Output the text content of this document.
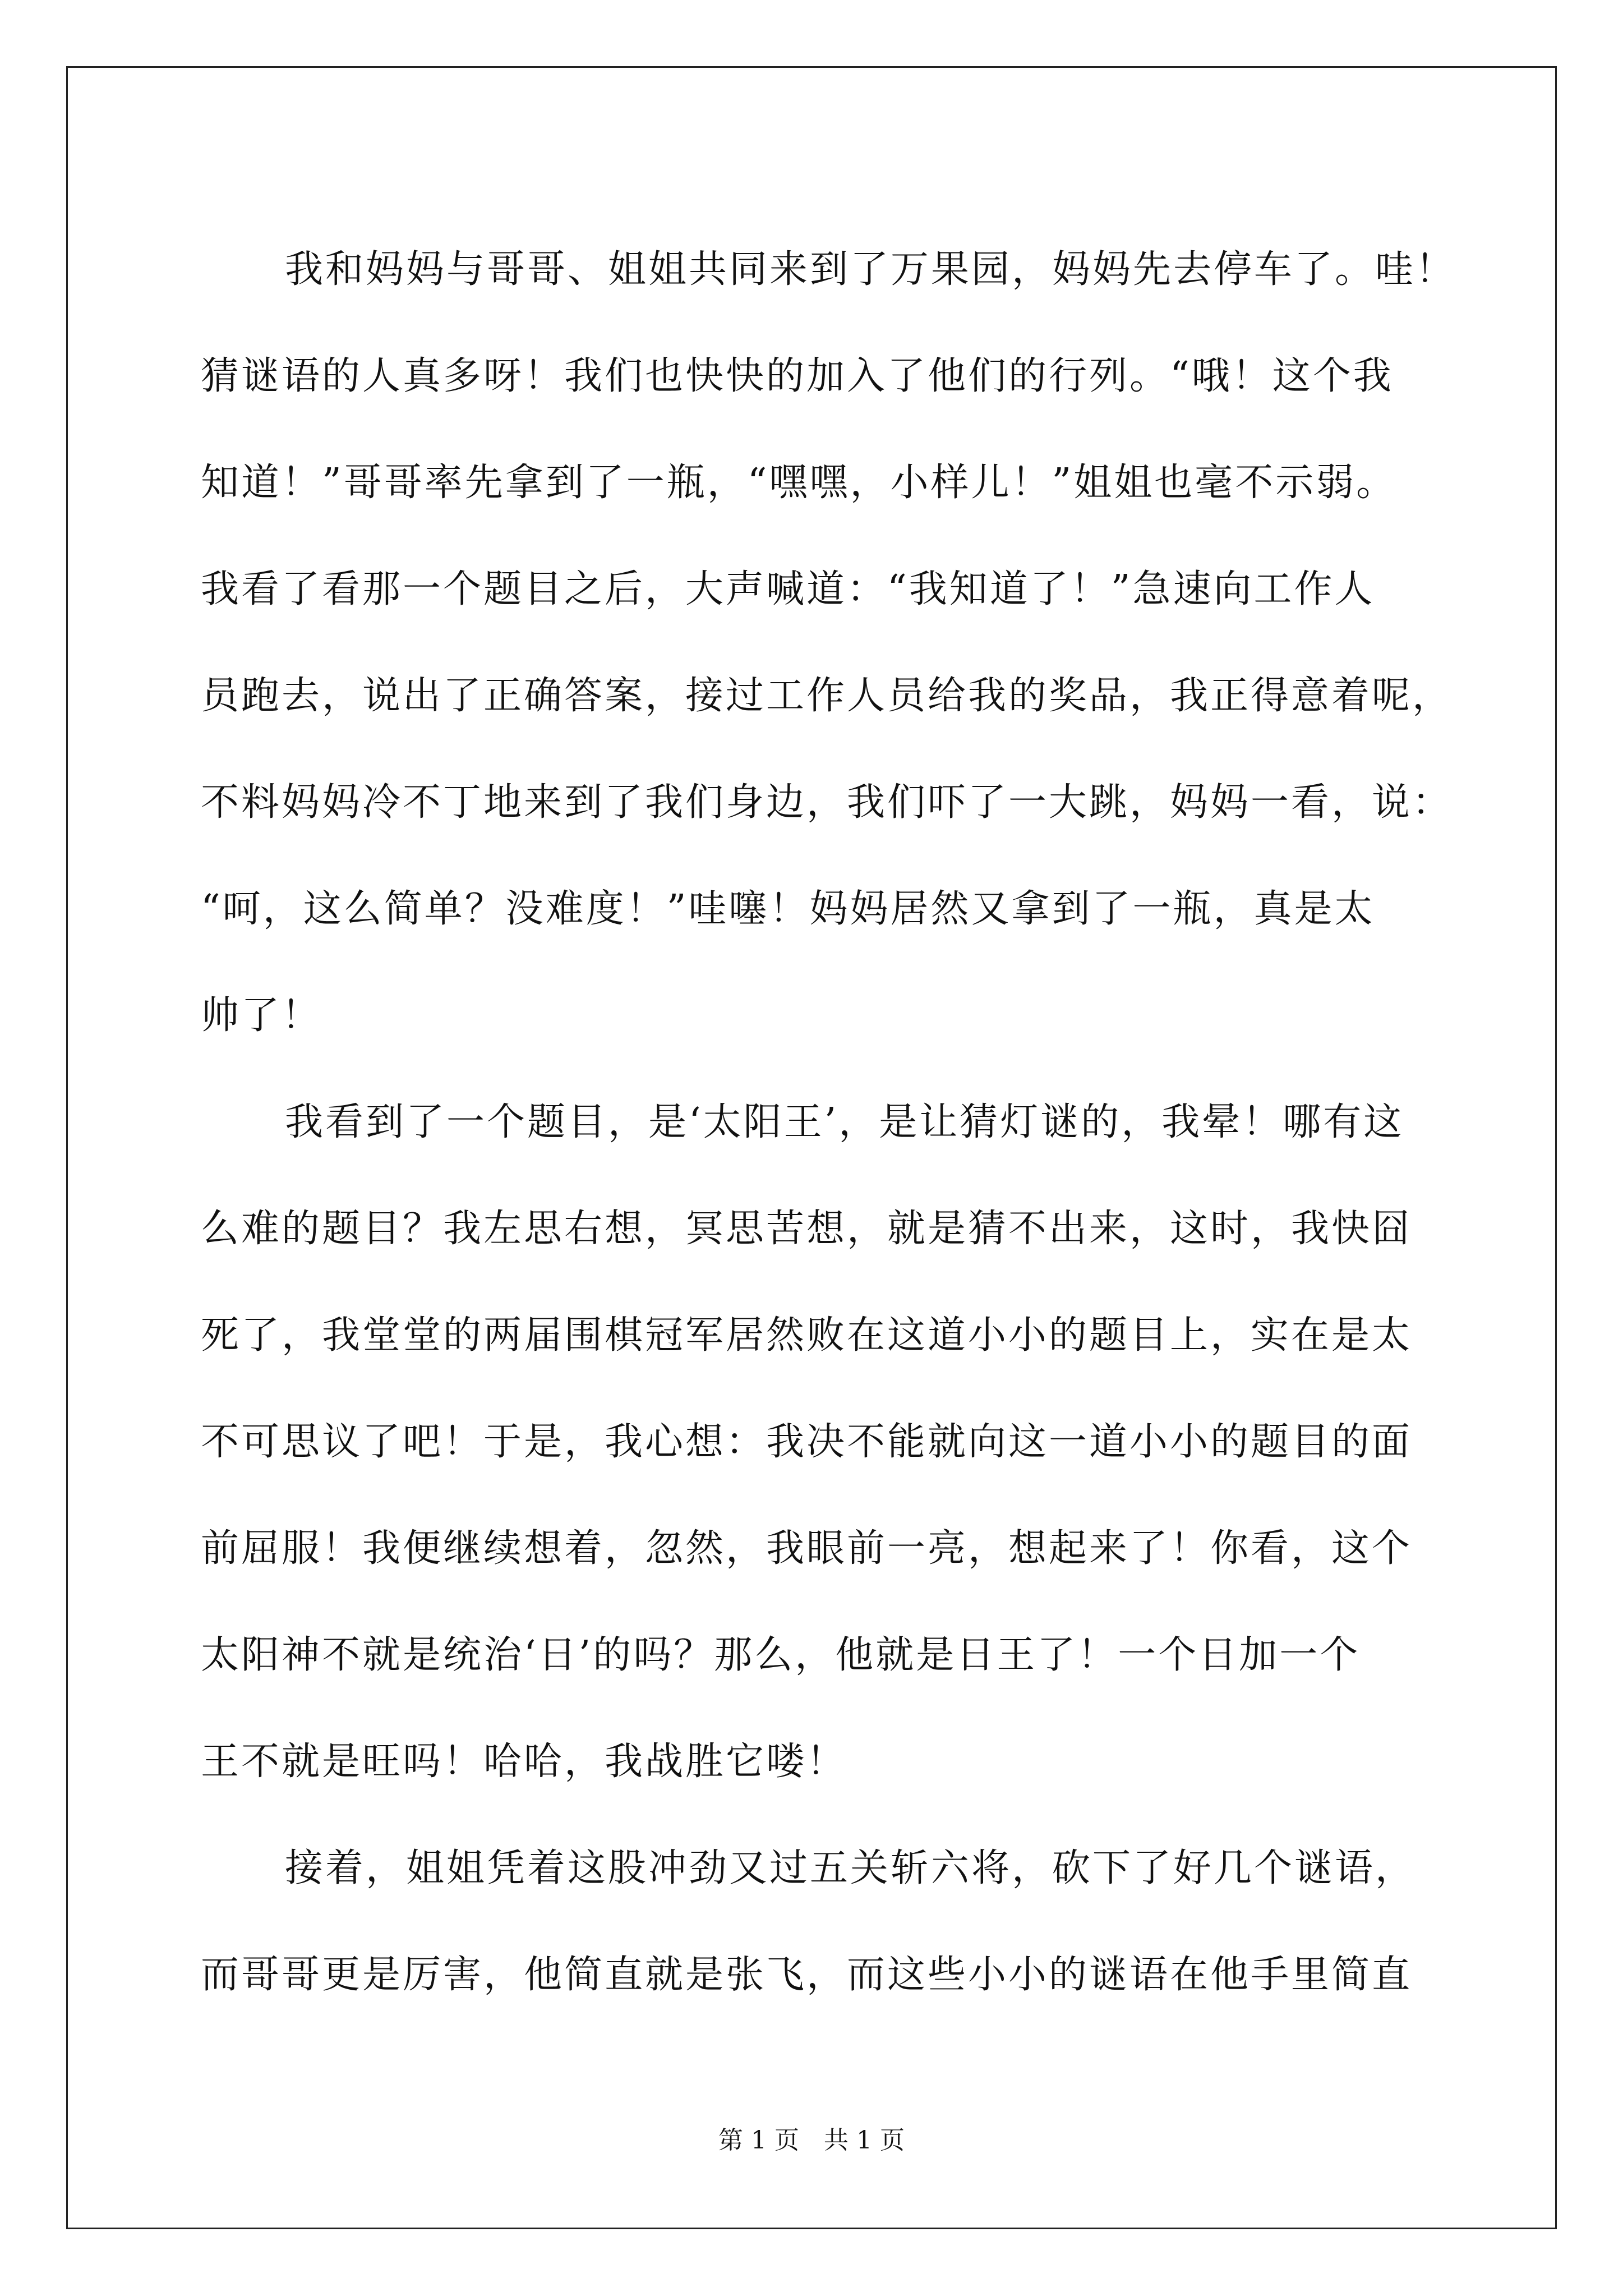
我和妈妈与哥哥、姐姐共同来到了万果园，妈妈先去停车了。哇！
猜谜语的人真多呀！我们也快快的加入了他们的行列。“哦！这个我
知道！”哥哥率先拿到了一瓶，“嘿嘿，小样儿！”姐姐也毫不示弱。
我看了看那一个题目之后，大声喊道：“我知道了！”急速向工作人
员跑去，说出了正确答案，接过工作人员给我的奖品，我正得意着呢，
不料妈妈冷不丁地来到了我们身边，我们吓了一大跳，妈妈一看，说：
“呵，这么简单？没难度！”哇噻！妈妈居然又拿到了一瓶，真是太
帅了！
我看到了一个题目，是‘太阳王’，是让猜灯谜的，我晕！哪有这
么难的题目？我左思右想，冥思苦想，就是猜不出来，这时，我快囧
死了，我堂堂的两届围棋冠军居然败在这道小小的题目上，实在是太
不可思议了吧！于是，我心想：我决不能就向这一道小小的题目的面
前屈服！我便继续想着，忽然，我眼前一亮，想起来了！你看，这个
太阳神不就是统治‘日’的吗？那么，他就是日王了！一个日加一个
王不就是旺吗！哈哈，我战胜它喽！
接着，姐姐凭着这股冲劲又过五关斩六将，砍下了好几个谜语，
而哥哥更是厉害，他简直就是张飞，而这些小小的谜语在他手里简直
第 1 页　共 1 页
